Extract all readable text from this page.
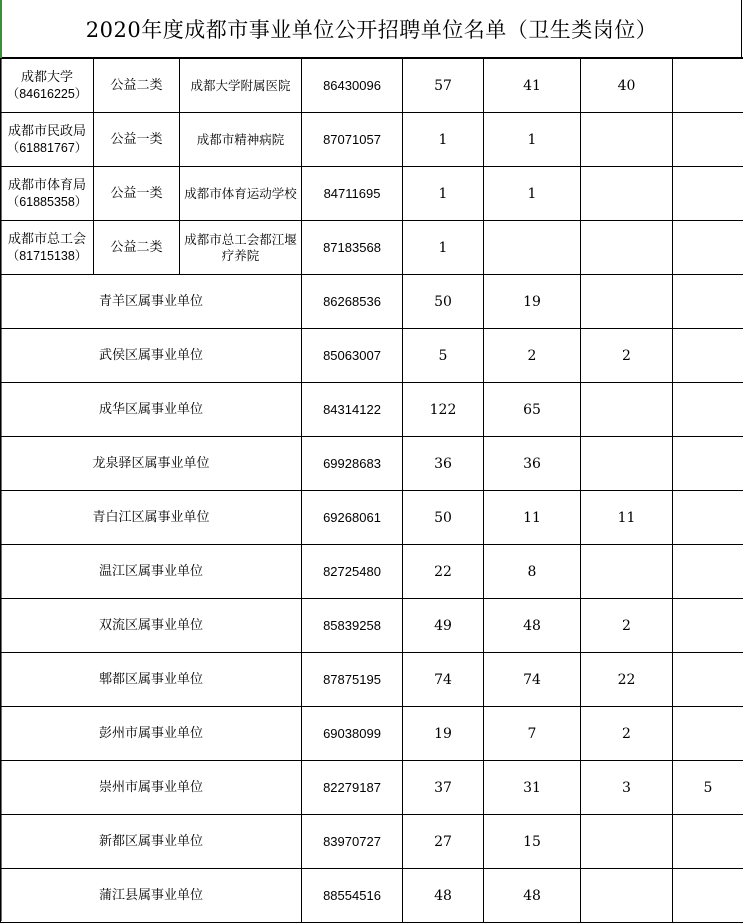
2020年度成都市事业单位公开招聘单位名单（卫生类岗位）
成都大学
（84616225）	公益二类	成都大学附属医院	86430096	57	41	40	
成都市民政局
（61881767）	公益一类	成都市精神病院	87071057	1	1		
成都市体育局
（61885358）	公益一类	成都市体育运动学校	84711695	1	1		
成都市总工会
（81715138）	公益二类	成都市总工会都江堰疗养院	87183568	1			
青羊区属事业单位			86268536	50	19		
武侯区属事业单位			85063007	5	2	2	
成华区属事业单位			84314122	122	65		
龙泉驿区属事业单位			69928683	36	36		
青白江区属事业单位			69268061	50	11	11	
温江区属事业单位			82725480	22	8		
双流区属事业单位			85839258	49	48	2	
郫都区属事业单位			87875195	74	74	22	
彭州市属事业单位			69038099	19	7	2	
崇州市属事业单位			82279187	37	31	3	5
新都区属事业单位			83970727	27	15		
蒲江县属事业单位			88554516	48	48		
